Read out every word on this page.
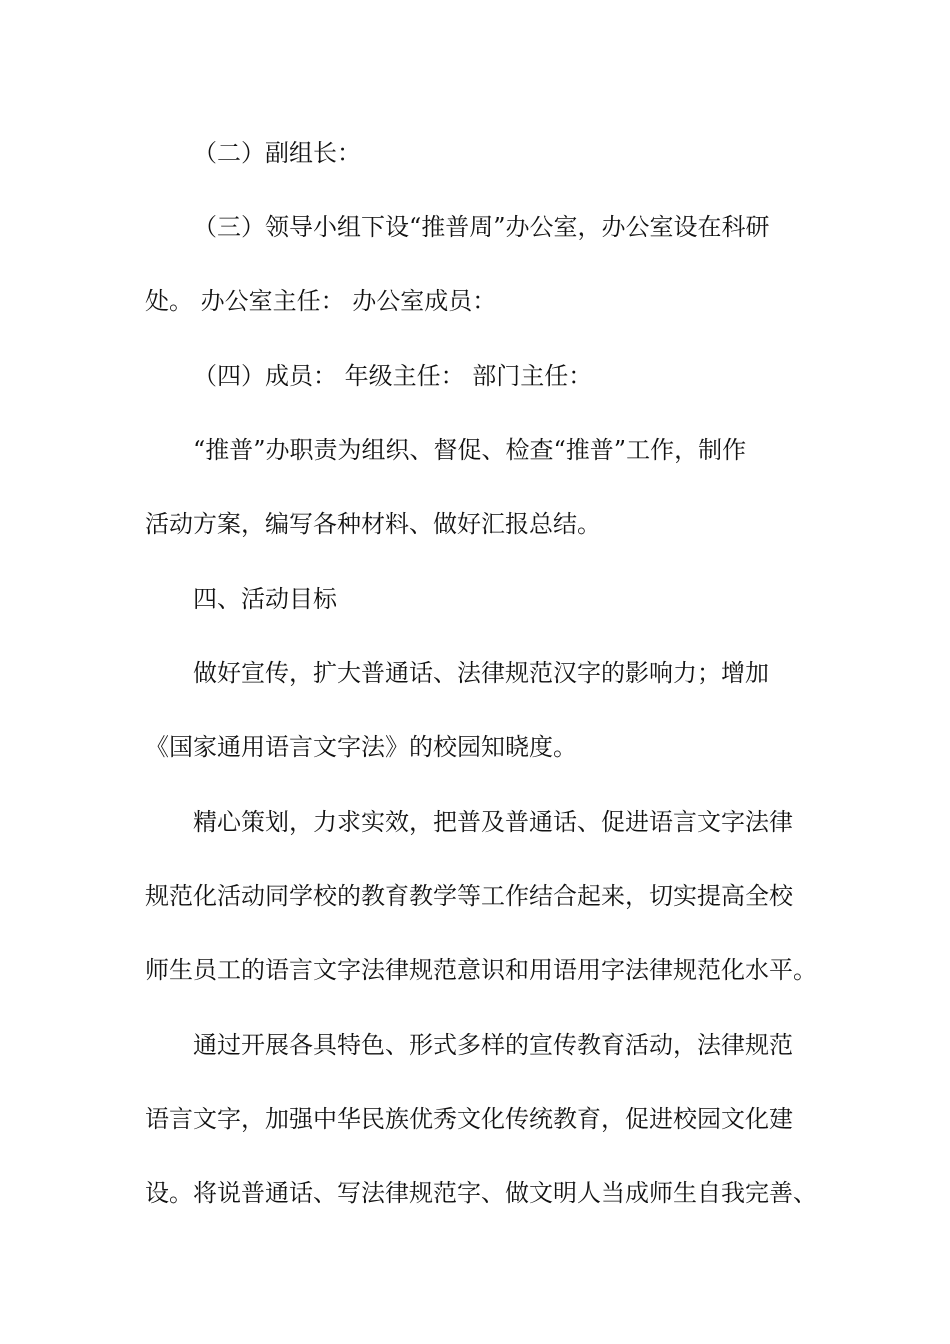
（二）副组长：
（三）领导小组下设“推普周”办公室，办公室设在科研
处。 办公室主任： 办公室成员：
（四）成员： 年级主任： 部门主任：
“推普”办职责为组织、督促、检查“推普”工作，制作
活动方案，编写各种材料、做好汇报总结。
四、活动目标
做好宣传，扩大普通话、法律规范汉字的影响力；增加
《国家通用语言文字法》的校园知晓度。
精心策划，力求实效，把普及普通话、促进语言文字法律
规范化活动同学校的教育教学等工作结合起来，切实提高全校
师生员工的语言文字法律规范意识和用语用字法律规范化水平。
通过开展各具特色、形式多样的宣传教育活动，法律规范
语言文字，加强中华民族优秀文化传统教育，促进校园文化建
设。将说普通话、写法律规范字、做文明人当成师生自我完善、
